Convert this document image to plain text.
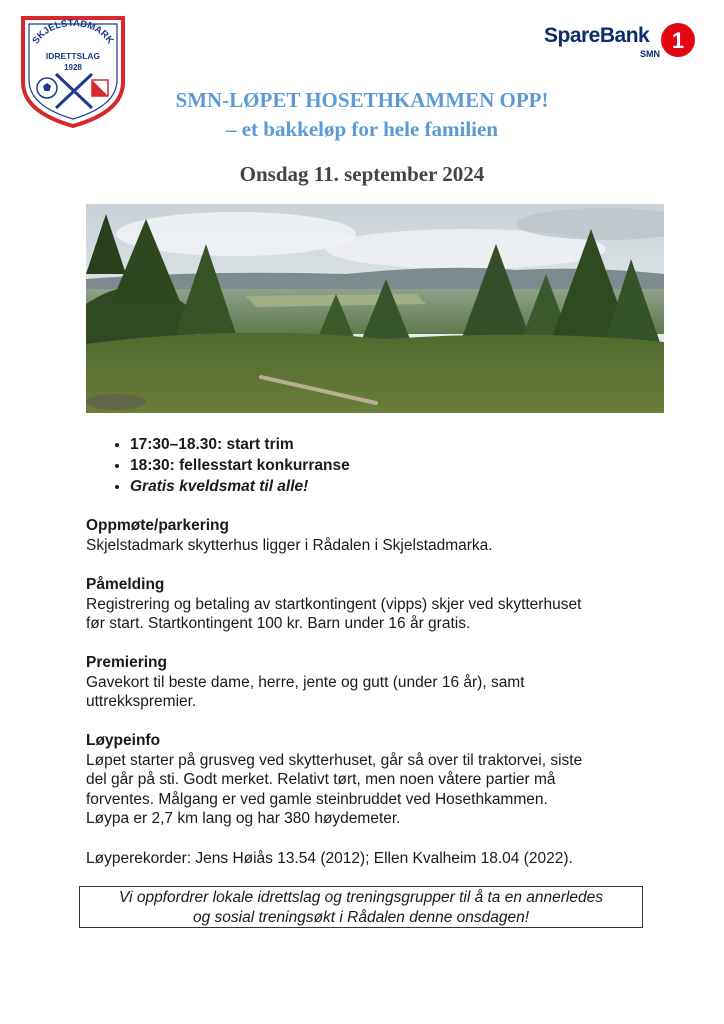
SKJELSTADMARK
IDRETTSLAG
1928
SpareBank
SMN
1
SMN-LØPET HOSETHKAMMEN OPP!
– et bakkeløp for hele familien
Onsdag 11. september 2024
• 17:30–18.30: start trim
• 18:30: fellesstart konkurranse
• Gratis kveldsmat til alle!
Oppmøte/parkering

Skjelstadmark skytterhus ligger i Rådalen i Skjelstadmarka.

Påmelding

Registrering og betaling av startkontingent (vipps) skjer ved skytterhuset

før start. Startkontingent 100 kr. Barn under 16 år gratis.

Premiering

Gavekort til beste dame, herre, jente og gutt (under 16 år), samt

uttrekkspremier.

Løypeinfo

Løpet starter på grusveg ved skytterhuset, går så over til traktorvei, siste

del går på sti. Godt merket. Relativt tørt, men noen våtere partier må

forventes. Målgang er ved gamle steinbruddet ved Hosethkammen.

Løypa er 2,7 km lang og har 380 høydemeter.

Løyperekorder: Jens Høiås 13.54 (2012); Ellen Kvalheim 18.04 (2022).

Vi oppfordrer lokale idrettslag og treningsgrupper til å ta en annerledes
og sosial treningsøkt i Rådalen denne onsdagen!
